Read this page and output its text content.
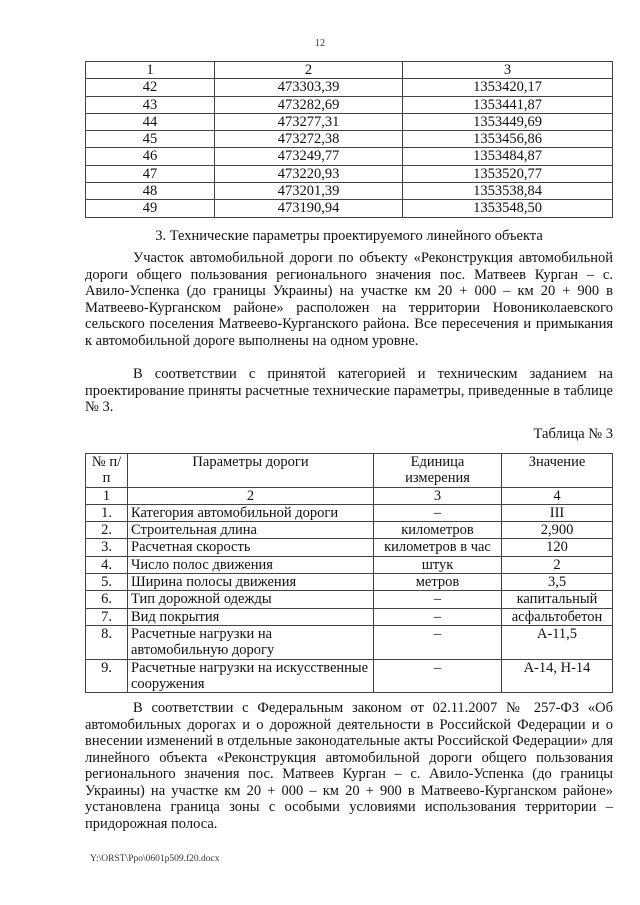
12
1	2	3
42	473303,39	1353420,17
43	473282,69	1353441,87
44	473277,31	1353449,69
45	473272,38	1353456,86
46	473249,77	1353484,87
47	473220,93	1353520,77
48	473201,39	1353538,84
49	473190,94	1353548,50
3. Технические параметры проектируемого линейного объекта

Участок автомобильной дороги по объекту «Реконструкция автомобильной дороги общего пользования регионального значения пос. Матвеев Курган – с. Авило-Успенка (до границы Украины) на участке км 20 + 000 – км 20 + 900 в Матвеево-Курганском районе» расположен на территории Новониколаевского сельского поселения Матвеево-Курганского района. Все пересечения и примыкания к автомобильной дороге выполнены на одном уровне.

В соответствии с принятой категорией и техническим заданием на проектирование приняты расчетные технические параметры, приведенные в таблице № 3.

Таблица № 3
№ п/п	Параметры дороги	Единица измерения	Значение
1	2	3	4
1.	Категория автомобильной дороги	–	III
2.	Строительная длина	километров	2,900
3.	Расчетная скорость	километров в час	120
4.	Число полос движения	штук	2
5.	Ширина полосы движения	метров	3,5
6.	Тип дорожной одежды	–	капитальный
7.	Вид покрытия	–	асфальтобетон
8.	Расчетные нагрузки на автомобильную дорогу	–	А-11,5
9.	Расчетные нагрузки на искусственные сооружения	–	А-14, Н-14

В соответствии с Федеральным законом от 02.11.2007 № 257-ФЗ «Об автомобильных дорогах и о дорожной деятельности в Российской Федерации и о внесении изменений в отдельные законодательные акты Российской Федерации» для линейного объекта «Реконструкция автомобильной дороги общего пользования регионального значения пос. Матвеев Курган – с. Авило-Успенка (до границы Украины) на участке км 20 + 000 – км 20 + 900 в Матвеево-Курганском районе» установлена граница зоны с особыми условиями использования территории – придорожная полоса.

Y:\ORST\Ppo\0601p509.f20.docx
